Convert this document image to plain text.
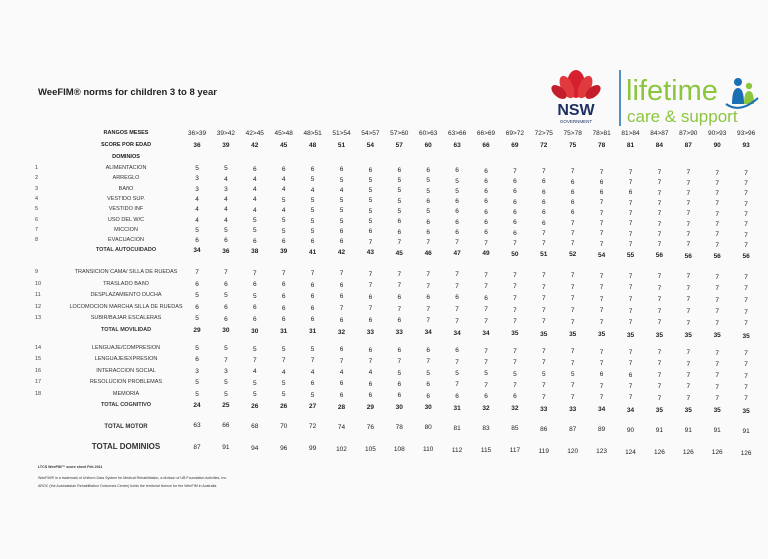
WeeFIM® norms for children 3 to 8 year
NSW
GOVERNMENT
lifetime
care & support
RANGOS MESES
SCORE POR EDAD
DOMINIOS
36>39 39>42 42>45 45>48 48>51 51>54 54>57 57>60 60>63 63>66 66>69 69>72 72>75 75>78 78>81 81>84 84>87 87>90 90>93 93>96
36	39	42	45	48	51	54	57	60	63	66	69	72	75	78	81	84	87	90	93
1	ALIMENTACION	5	5	6	6	6	6	6	6	6	6	6	7	7	7	7	7	7	7	7	7
2	ARREGLO	3	4	4	4	5	5	5	5	5	5	6	6	6	6	6	7	7	7	7	7
3	BAñO	3	3	4	4	4	4	5	5	5	5	6	6	6	6	6	6	7	7	7	7
4	VESTIDO SUP.	4	4	4	5	5	5	5	5	6	6	6	6	6	6	7	7	7	7	7	7
5	VESTIDO INF	4	4	4	4	5	5	5	5	5	6	6	6	6	6	7	7	7	7	7	7
6	USO DEL W/C	4	4	5	5	5	5	5	6	6	6	6	6	6	7	7	7	7	7	7	7
7	MICCION	5	5	5	5	5	6	6	6	6	6	6	6	7	7	7	7	7	7	7	7
8	EVACUACION	6	6	6	6	6	6	7	7	7	7	7	7	7	7	7	7	7	7	7	7
TOTAL AUTOCUIDADO	34	36	38	39	41	42	43	45	46	47	49	50	51	52	54	55	56	56	56	56
9	TRANSICION CAMA/ SILLA DE RUEDAS	7	7	7	7	7	7	7	7	7	7	7	7	7	7	7	7	7	7	7	7
10	TRASLADO BAñO	6	6	6	6	6	6	7	7	7	7	7	7	7	7	7	7	7	7	7	7
11	DESPLAZAMIENTO DUCHA	5	5	5	6	6	6	6	6	6	6	6	7	7	7	7	7	7	7	7	7
12	LOCOMOCION MARCHA SILLA DE RUEDAS 6	6	6	6	6	7	7	7	7	7	7	7	7	7	7	7	7	7	7	7
13	SUBIR/BAJAR ESCALERAS	5	6	6	6	6	6	6	6	7	7	7	7	7	7	7	7	7	7	7	7
TOTAL MOVILIDAD	29	30	30	31	31	32	33	33	34	34	34	35	35	35	35	35	35	35	35	35
14	LENGUAJE/COMPRESION	5	5	5	5	5	6	6	6	6	6	7	7	7	7	7	7	7	7	7	7
15	LENGUAJE/EXPRESION	6	7	7	7	7	7	7	7	7	7	7	7	7	7	7	7	7	7	7	7
16	INTERACCION SOCIAL	3	3	4	4	4	4	4	5	5	5	5	5	5	5	6	6	7	7	7	7
17	RESOLUCION PROBLEMAS	5	5	5	5	6	6	6	6	6	7	7	7	7	7	7	7	7	7	7	7
18	MEMORIA	5	5	5	5	5	6	6	6	6	6	6	6	7	7	7	7	7	7	7	7
TOTAL COGNITIVO	24	25	26	26	27	28	29	30	30	31	32	32	33	33	34	34	35	35	35	35
TOTAL MOTOR	63	66	68	70	72	74	76	78	80	81	83	85	86	87	89	90	91	91	91	91
TOTAL DOMINIOS	87	91	94	96	99	102	105	108	110	112	115	117	119	120	123	124	126	126	126	126
LTCS WeeFIM™ score sheet Feb 2011
WeeFIM® is a trademark of Uniform Data System for Medical Rehabilitation, a division of UB Foundation Activities, Inc.
AROC (the Australasian Rehabilitation Outcomes Centre) holds the territorial licence for the WeeFIM in Australia.
